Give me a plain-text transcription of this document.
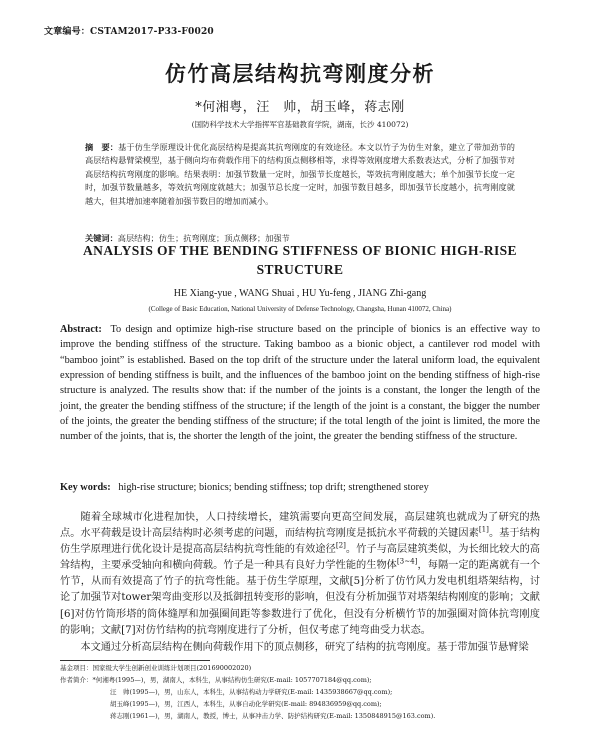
文章编号：CSTAM2017-P33-F0020
仿竹高层结构抗弯刚度分析
*何湘粤，汪　帅，胡玉峰，蒋志刚
(国防科学技术大学指挥军官基础教育学院，湖南，长沙 410072)
摘　要：基于仿生学原理设计优化高层结构是提高其抗弯刚度的有效途径。本文以竹子为仿生对象，建立了带加劲节的高层结构悬臂梁模型，基于侧向均布荷载作用下的结构顶点侧移相等，求得等效刚度增大系数表达式，分析了加强节对高层结构抗弯刚度的影响。结果表明：加强节数量一定时，加强节长度越长，等效抗弯刚度越大；单个加强节长度一定时，加强节数量越多，等效抗弯刚度就越大；加强节总长度一定时，加强节数目越多，即加强节长度越小，抗弯刚度就越大，但其增加速率随着加强节数目的增加而减小。
关键词：高层结构；仿生；抗弯刚度；顶点侧移；加强节
ANALYSIS OF THE BENDING STIFFNESS OF BIONIC HIGH-RISE
STRUCTURE
HE Xiang-yue , WANG Shuai , HU Yu-feng , JIANG Zhi-gang
(College of Basic Education, National University of Defense Technology, Changsha, Hunan 410072, China)
Abstract: To design and optimize high-rise structure based on the principle of bionics is an effective way to improve the bending stiffness of the structure. Taking bamboo as a bionic object, a cantilever rod model with “bamboo joint” is established. Based on the top drift of the structure under the lateral uniform load, the equivalent expression of bending stiffness is built, and the influences of the bamboo joint on the bending stiffness of high-rise structure is analyzed. The results show that: if the number of the joints is a constant, the longer the length of the joint, the greater the bending stiffness of the structure; if the length of the joint is a constant, the bigger the number of the joints, the greater the bending stiffness of the structure; if the total length of the joint is limited, the more the number of the joints, that is, the shorter the length of the joint, the greater the bending stiffness of the structure.
Key words: high-rise structure; bionics; bending stiffness; top drift; strengthened storey
随着全球城市化进程加快，人口持续增长，建筑需要向更高空间发展，高层建筑也就成为了研究的热点。水平荷载是设计高层结构时必须考虑的问题，而结构抗弯刚度是抵抗水平荷载的关键因素[1]。基于结构仿生学原理进行优化设计是提高高层结构抗弯性能的有效途径[2]。竹子与高层建筑类似，为长细比较大的高耸结构，主要承受轴向和横向荷载。竹子是一种具有良好力学性能的生物体[3~4]，每隔一定的距离就有一个竹节，从而有效提高了竹子的抗弯性能。基于仿生学原理，文献[5]分析了仿竹风力发电机组塔架结构，讨论了加强节对tower架弯曲变形以及抵御扭转变形的影响，但没有分析加强节对塔架结构刚度的影响；文献[6]对仿竹筒形塔的筒体缝厚和加强圈间距等参数进行了优化，但没有分析横竹节的加强圈对筒体抗弯刚度的影响；文献[7]对仿竹结构的抗弯刚度进行了分析，但仅考虑了纯弯曲受力状态。
本文通过分析高层结构在侧向荷载作用下的顶点侧移，研究了结构的抗弯刚度。基于带加强节悬臂梁
基金项目：国家级大学生创新创业训练计划项目(201690002020)
作者简介：*何湘粤(1995—)，男，湖南人，本科生，从事结构仿生研究(E-mail: 1057707184@qq.com);
汪　帅(1995—)，男，山东人，本科生，从事结构动力学研究(E-mail: 1435938667@qq.com);
胡玉峰(1995—)，男，江西人，本科生，从事自动化学研究(E-mail: 894836959@qq.com);
蒋志刚(1961—)，男，湖南人，教授，博士，从事冲击力学、防护结构研究(E-mail: 1350848915@163.com).
